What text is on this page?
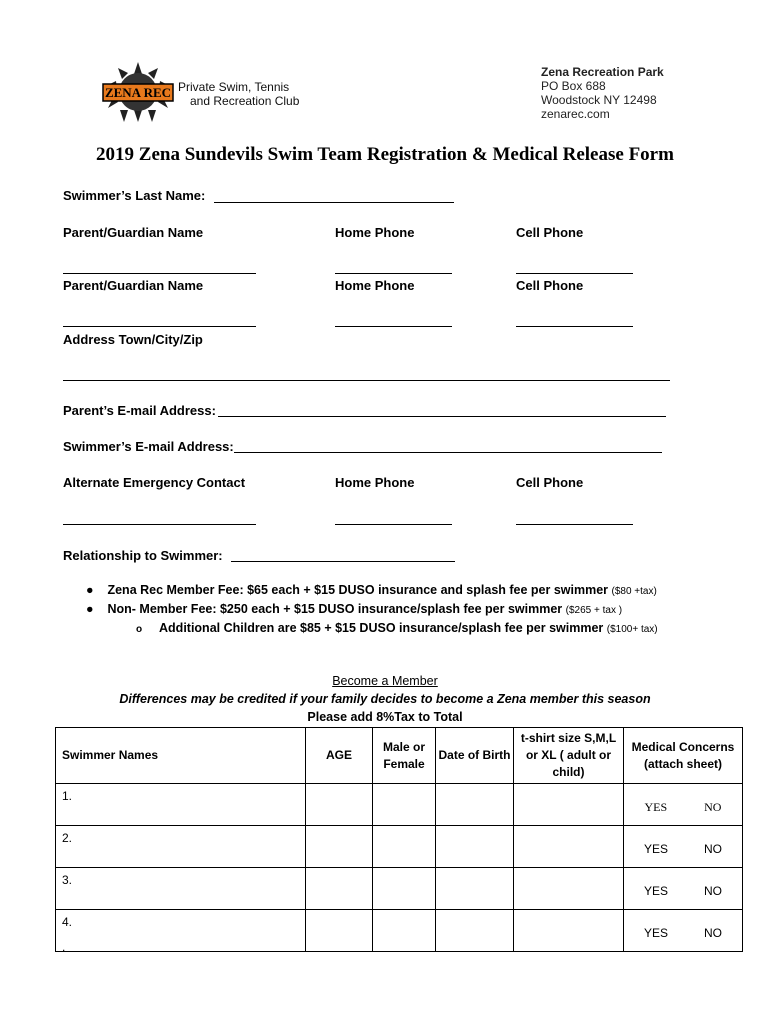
ZENA REC Private Swim, Tennis
and Recreation Club
Zena Recreation Park
PO Box 688
Woodstock NY 12498
zenarec.com
2019 Zena Sundevils Swim Team Registration & Medical Release Form
Swimmer’s Last Name:
Parent/Guardian Name	Home Phone	Cell Phone
Parent/Guardian Name	Home Phone	Cell Phone
Address Town/City/Zip
Parent’s E-mail Address:
Swimmer’s E-mail Address:
Alternate Emergency Contact	Home Phone	Cell Phone
Relationship to Swimmer:
● Zena Rec Member Fee: $65 each + $15 DUSO insurance and splash fee per swimmer ($80 +tax)
● Non- Member Fee: $250 each + $15 DUSO insurance/splash fee per swimmer ($265 + tax )
o Additional Children are $85 + $15 DUSO insurance/splash fee per swimmer ($100+ tax)
Become a Member
Differences may be credited if your family decides to become a Zena member this season
Please add 8%Tax to Total
Swimmer Names	AGE	Male or Female	Date of Birth	t-shirt size S,M,L or XL ( adult or child)	Medical Concerns (attach sheet)
1.					YES NO

2.					YES NO

3.					YES NO

4.					YES NO
.
